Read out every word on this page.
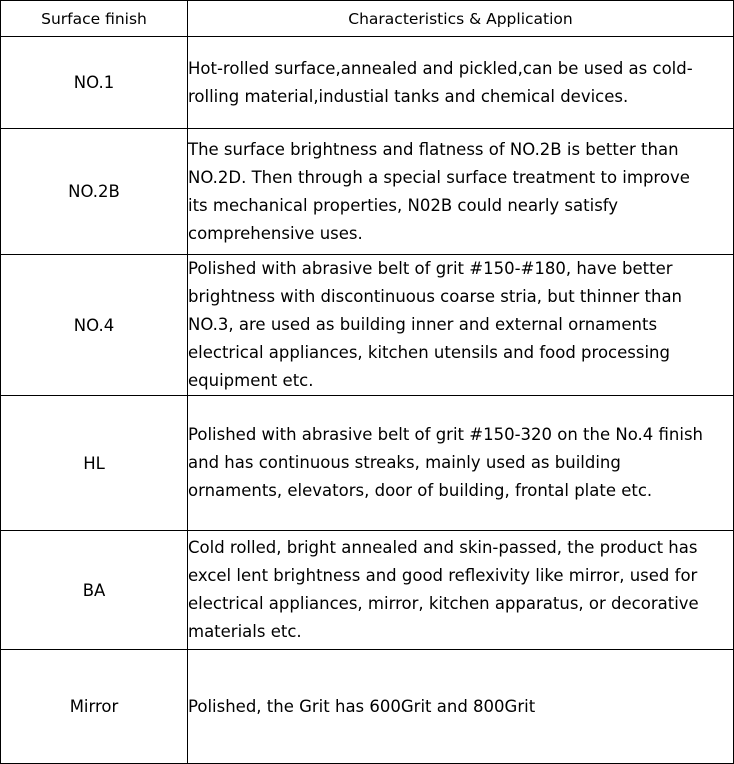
Surface finish	Characteristics & Application
NO.1	Hot-rolled surface,annealed and pickled,can be used as cold-
rolling material,industial tanks and chemical devices.
NO.2B	The surface brightness and flatness of NO.2B is better than
NO.2D. Then through a special surface treatment to improve
its mechanical properties, N02B could nearly satisfy
comprehensive uses.
NO.4	Polished with abrasive belt of grit #150-#180, have better
brightness with discontinuous coarse stria, but thinner than
NO.3, are used as building inner and external ornaments
electrical appliances, kitchen utensils and food processing
equipment etc.
HL	Polished with abrasive belt of grit #150-320 on the No.4 finish
and has continuous streaks, mainly used as building
ornaments, elevators, door of building, frontal plate etc.
BA	Cold rolled, bright annealed and skin-passed, the product has
excel lent brightness and good reflexivity like mirror, used for
electrical appliances, mirror, kitchen apparatus, or decorative
materials etc.
Mirror	Polished, the Grit has 600Grit and 800Grit
